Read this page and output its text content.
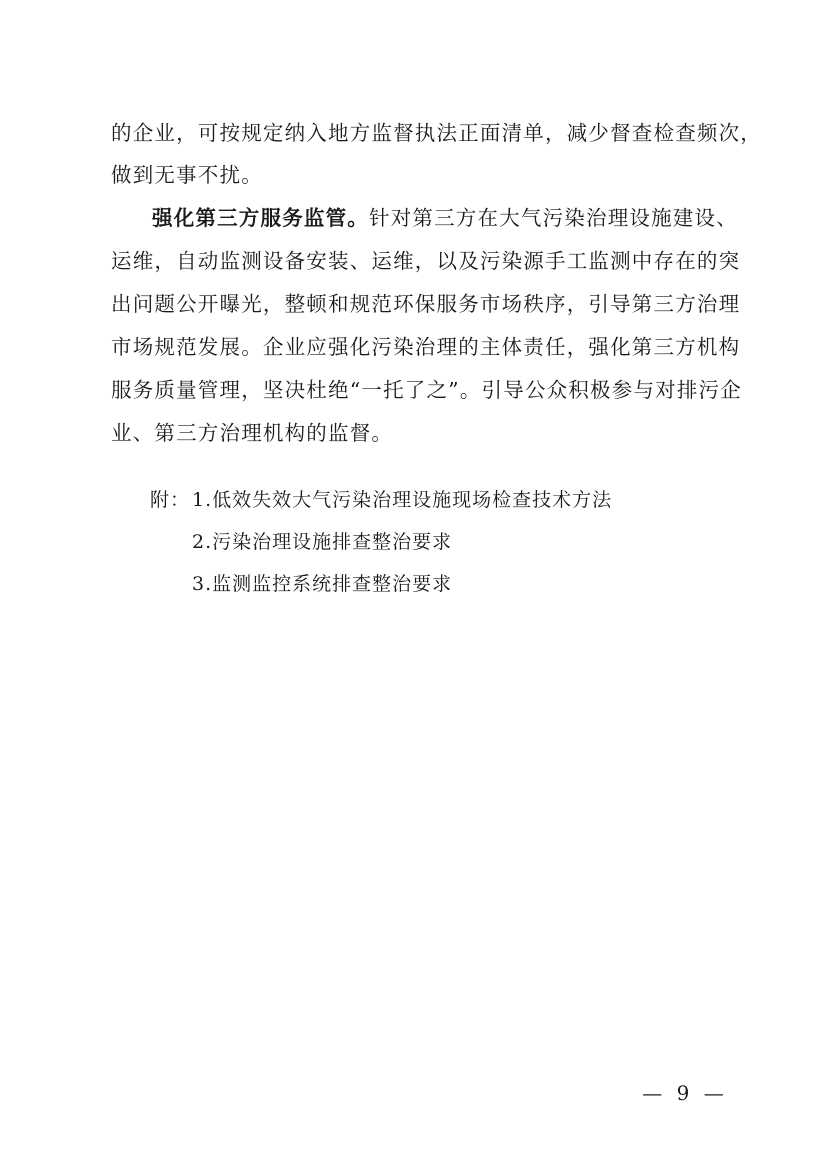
的企业，可按规定纳入地方监督执法正面清单，减少督查检查频次，
做到无事不扰。
强化第三方服务监管。针对第三方在大气污染治理设施建设、
运维，自动监测设备安装、运维，以及污染源手工监测中存在的突
出问题公开曝光，整顿和规范环保服务市场秩序，引导第三方治理
市场规范发展。企业应强化污染治理的主体责任，强化第三方机构
服务质量管理，坚决杜绝“一托了之”。引导公众积极参与对排污企
业、第三方治理机构的监督。
附： 1.低效失效大气污染治理设施现场检查技术方法
2.污染治理设施排查整治要求
3.监测监控系统排查整治要求
— 9 —
